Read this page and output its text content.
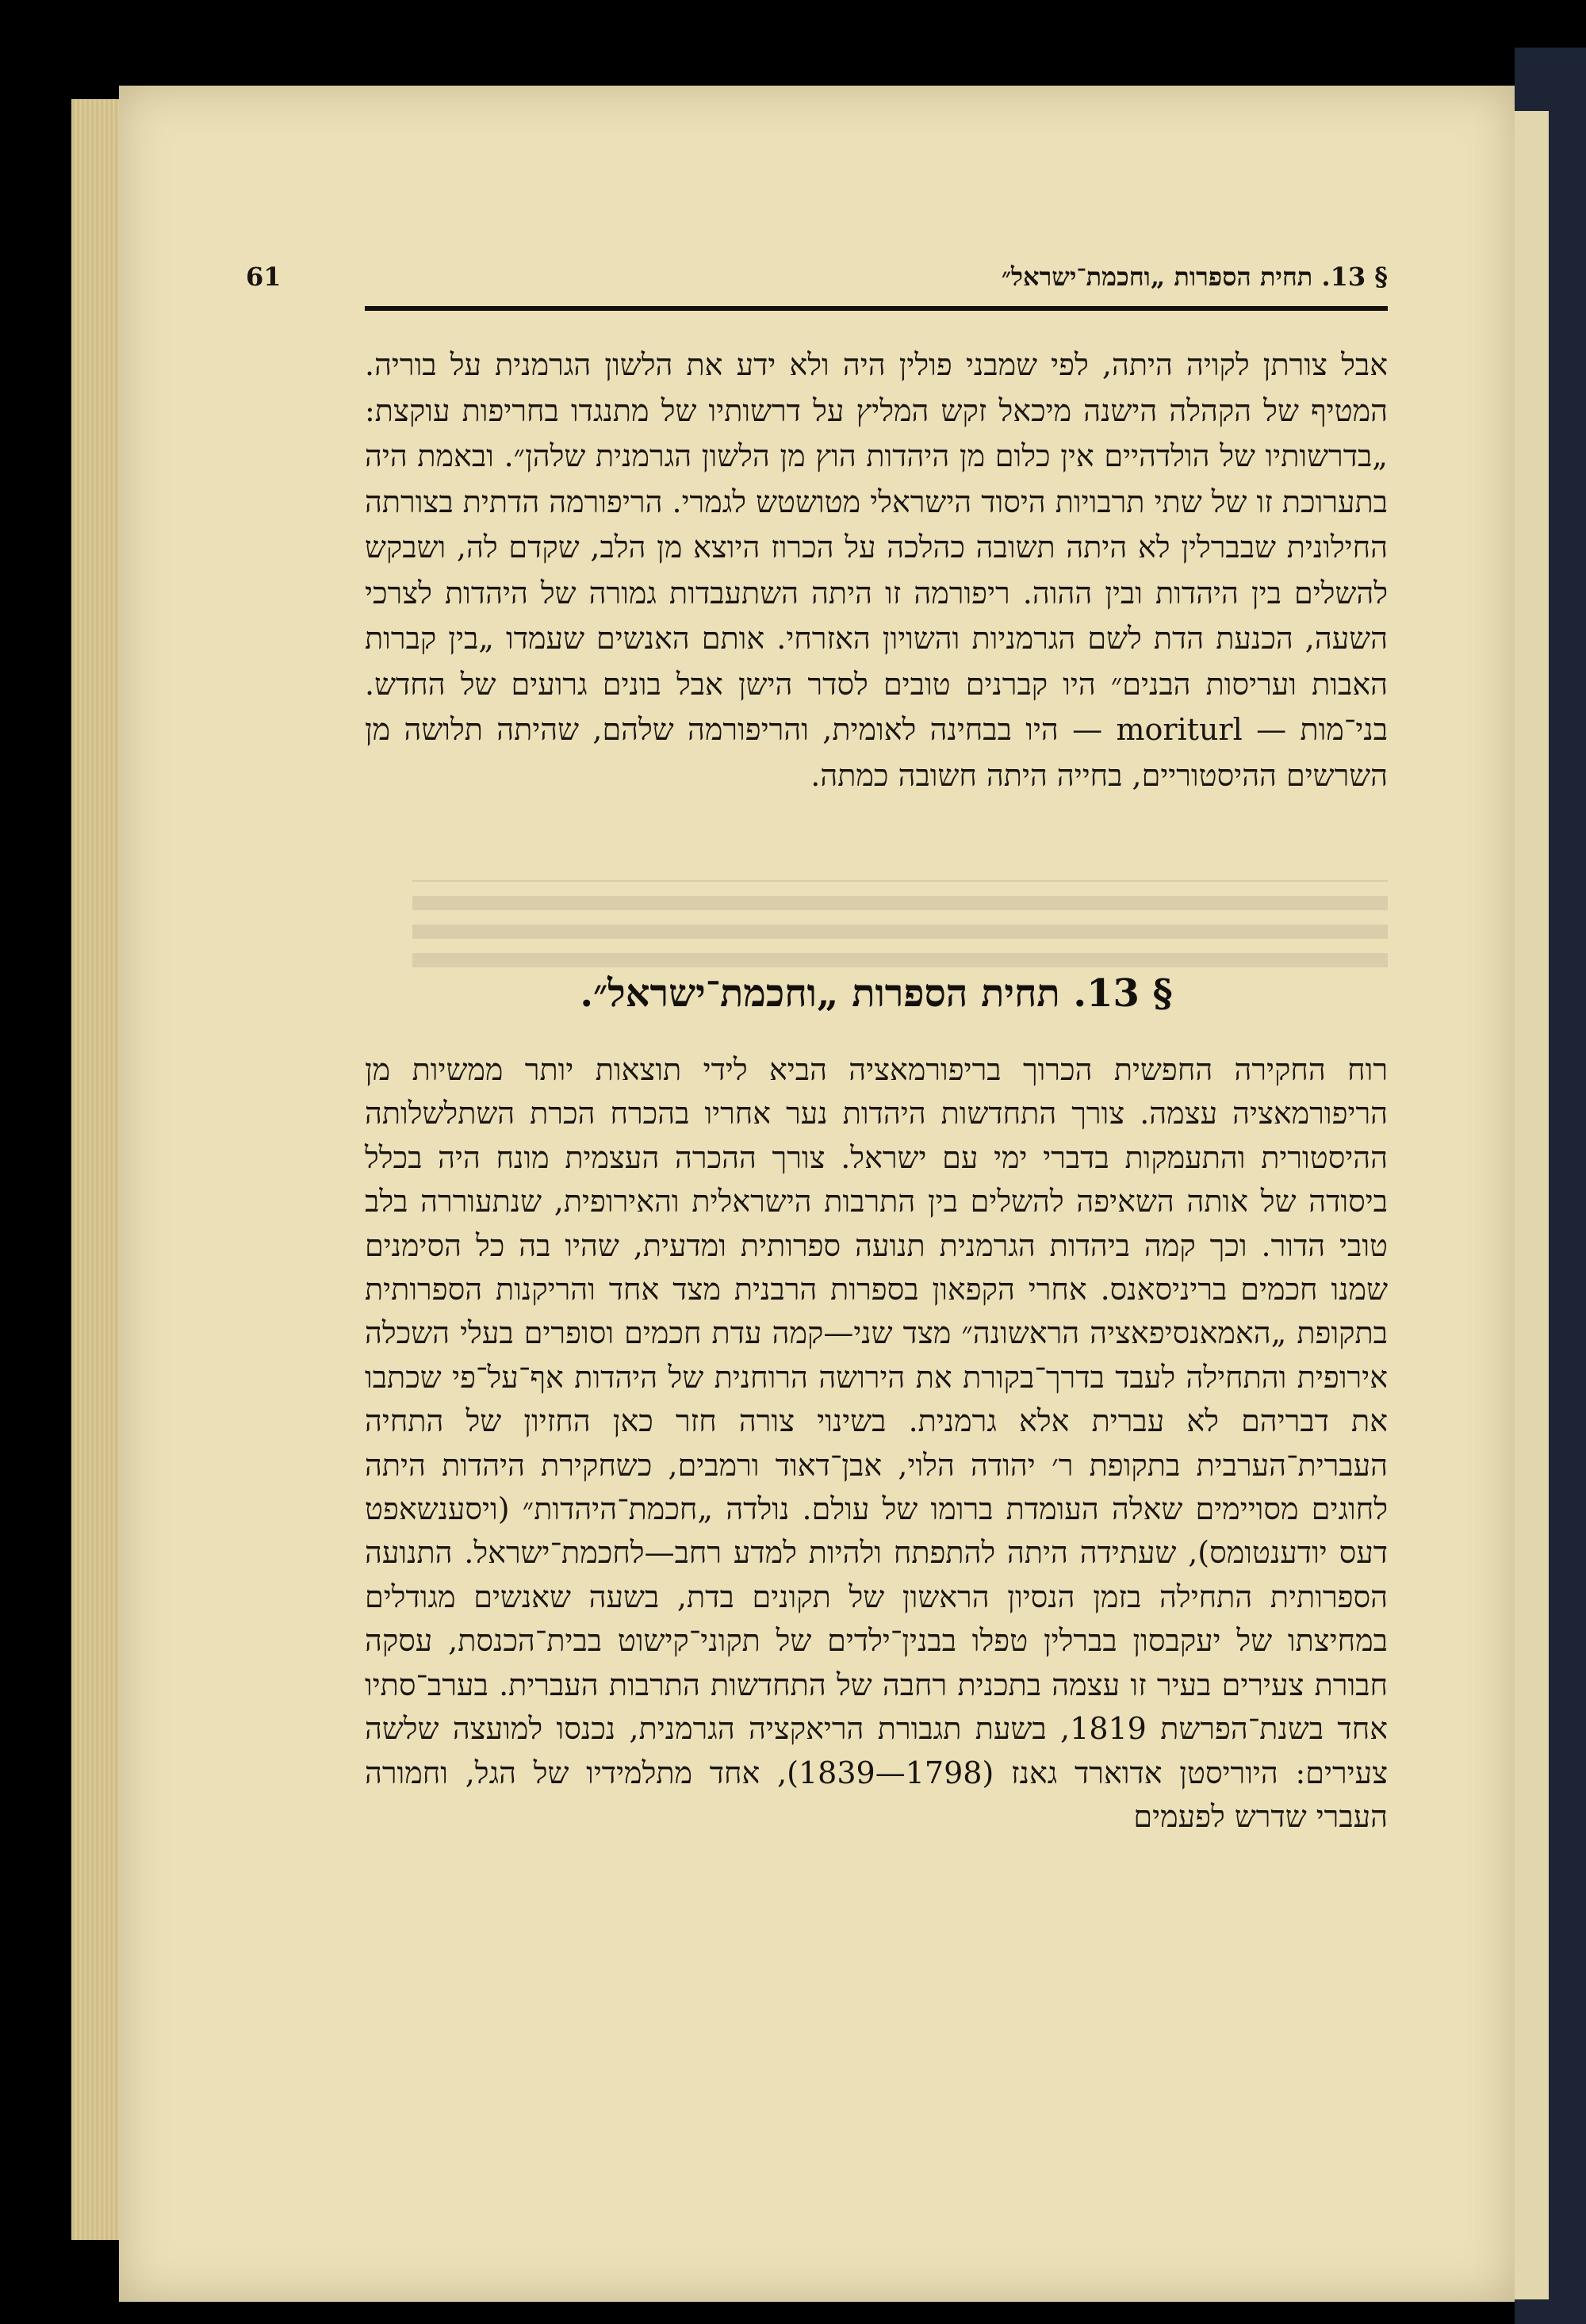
61	§ 13. תחית הספרות „וחכמת־ישראל״
אבל צורתן לקויה היתה, לפי שמבני פולין היה ולא ידע את הלשון הגרמנית על בוריה. המטיף של הקהלה הישנה מיכאל זקש המליץ על דרשותיו של מתנגדו בחריפות עוקצת: „בדרשותיו של הולדהיים אין כלום מן היהדות הוץ מן הלשון הגרמנית שלהן״. ובאמת היה בתערוכת זו של שתי תרבויות היסוד הישראלי מטושטש לגמרי. הריפורמה הדתית בצורתה החילונית שבברלין לא היתה תשובה כהלכה על הכרוז היוצא מן הלב, שקדם לה, ושבקש להשלים בין היהדות ובין ההוה. ריפורמה זו היתה השתעבדות גמורה של היהדות לצרכי השעה, הכנעת הדת לשם הגרמניות והשויון האזרחי. אותם האנשים שעמדו „בין קברות האבות ועריסות הבנים״ היו קברנים טובים לסדר הישן אבל בונים גרועים של החדש. בני־מות — moriturl — היו בבחינה לאומית, והריפורמה שלהם, שהיתה תלושה מן השרשים ההיסטוריים, בחייה היתה חשובה כמתה.
§ 13. תחית הספרות „וחכמת־ישראל״.
רוח החקירה החפשית הכרוך בריפורמאציה הביא לידי תוצאות יותר ממשיות מן הריפורמאציה עצמה. צורך התחדשות היהדות נער אחריו בהכרח הכרת השתלשלותה ההיסטורית והתעמקות בדברי ימי עם ישראל. צורך ההכרה העצמית מונח היה בכלל ביסודה של אותה השאיפה להשלים בין התרבות הישראלית והאירופית, שנתעוררה בלב טובי הדור. וכך קמה ביהדות הגרמנית תנועה ספרותית ומדעית, שהיו בה כל הסימנים שמנו חכמים בריניסאנס. אחרי הקפאון בספרות הרבנית מצד אחד והריקנות הספרותית בתקופת „האמאנסיפאציה הראשונה״ מצד שני—קמה עדת חכמים וסופרים בעלי השכלה אירופית והתחילה לעבד בדרך־בקורת את הירושה הרוחנית של היהדות אף־על־פי שכתבו את דבריהם לא עברית אלא גרמנית. בשינוי צורה חזר כאן החזיון של התחיה העברית־הערבית בתקופת ר׳ יהודה הלוי, אבן־דאוד ורמבים, כשחקירת היהדות היתה לחוגים מסויימים שאלה העומדת ברומו של עולם. נולדה „חכמת־היהדות״ (ויסענשאפט דעס יודענטומס), שעתידה היתה להתפתח ולהיות למדע רחב—לחכמת־ישראל. התנועה הספרותית התחילה בזמן הנסיון הראשון של תקונים בדת, בשעה שאנשים מגודלים במחיצתו של יעקבסון בברלין טפלו בבנין־ילדים של תקוני־קישוט בבית־הכנסת, עסקה חבורת צעירים בעיר זו עצמה בתכנית רחבה של התחדשות התרבות העברית. בערב־סתיו אחד בשנת־הפרשת 1819, בשעת תגבורת הריאקציה הגרמנית, נכנסו למועצה שלשה צעירים: היוריסטן אדוארד גאנז (1798—1839), אחד מתלמידיו של הגל, וחמורה העברי שדרש לפעמים
